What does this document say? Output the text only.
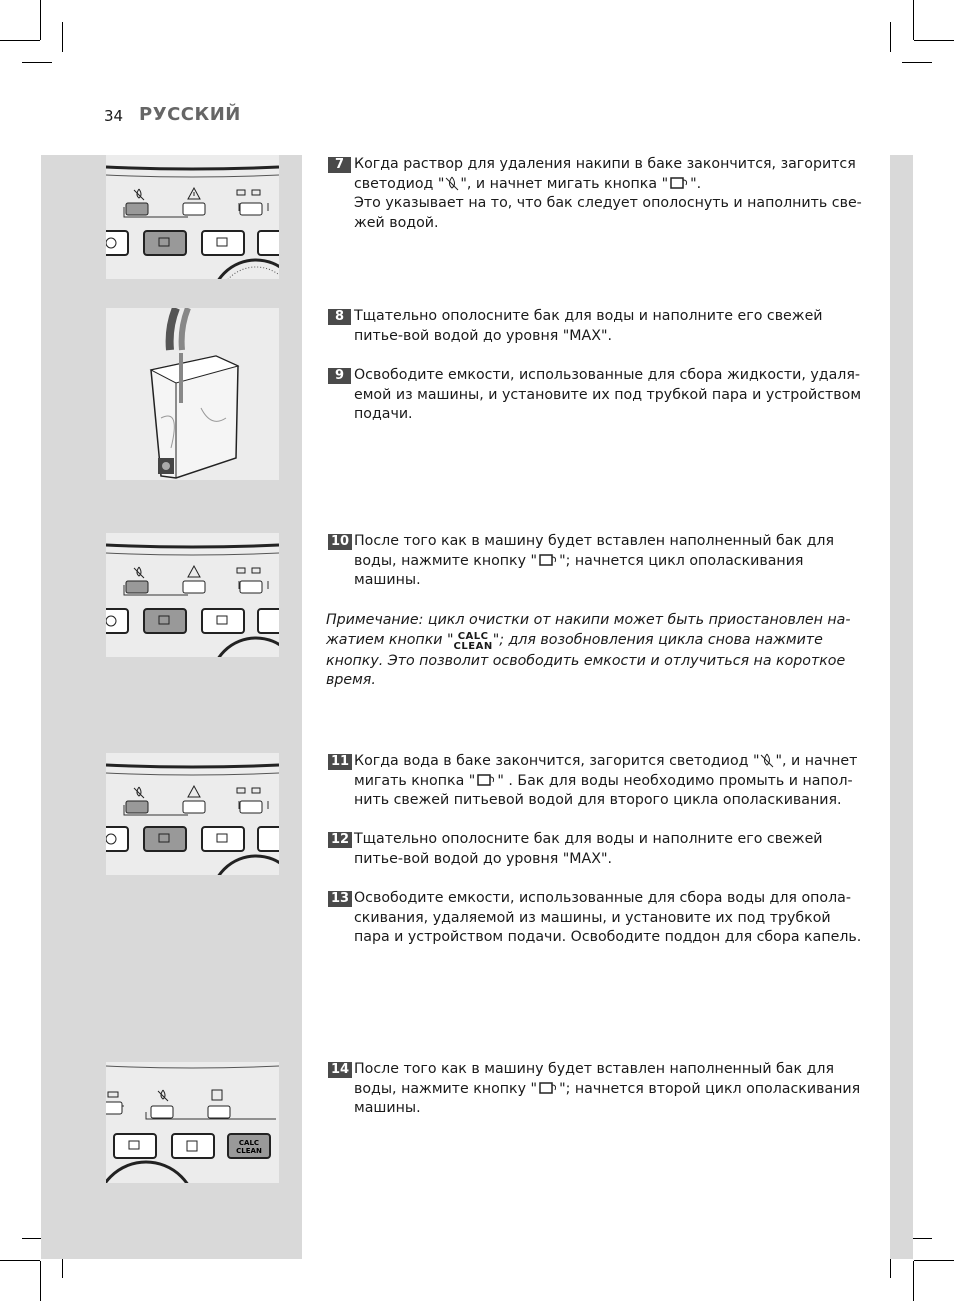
34 РУССКИЙ
CALC
CLEAN
7 Когда раствор для удаления накипи в баке закончится, загорится
светодиод " ", и начнет мигать кнопка " ".
Это указывает на то, что бак следует ополоснуть и наполнить све-
жей водой.
8 Тщательно ополосните бак для воды и наполните его свежей питье-вой водой до уровня "MAX".
9 Освободите емкости, использованные для сбора жидкости, удаля-емой из машины, и установите их под трубкой пара и устройством подачи.
10 После того как в машину будет вставлен наполненный бак для воды, нажмите кнопку " "; начнется цикл ополаскивания машины.
Примечание: цикл очистки от накипи может быть приостановлен на-жатием кнопки " CALC
CLEAN"; для возобновления цикла снова нажмите кнопку. Это позволит освободить емкости и отлучиться на короткое время.
11 Когда вода в баке закончится, загорится светодиод " ", и начнет мигать кнопка " " . Бак для воды необходимо промыть и напол-нить свежей питьевой водой для второго цикла ополаскивания.
12 Тщательно ополосните бак для воды и наполните его свежей питье-вой водой до уровня "MAX".
13 Освободите емкости, использованные для сбора воды для опола-скивания, удаляемой из машины, и установите их под трубкой пара и устройством подачи. Освободите поддон для сбора капель.
14 После того как в машину будет вставлен наполненный бак для воды, нажмите кнопку " "; начнется второй цикл ополаскивания машины.
